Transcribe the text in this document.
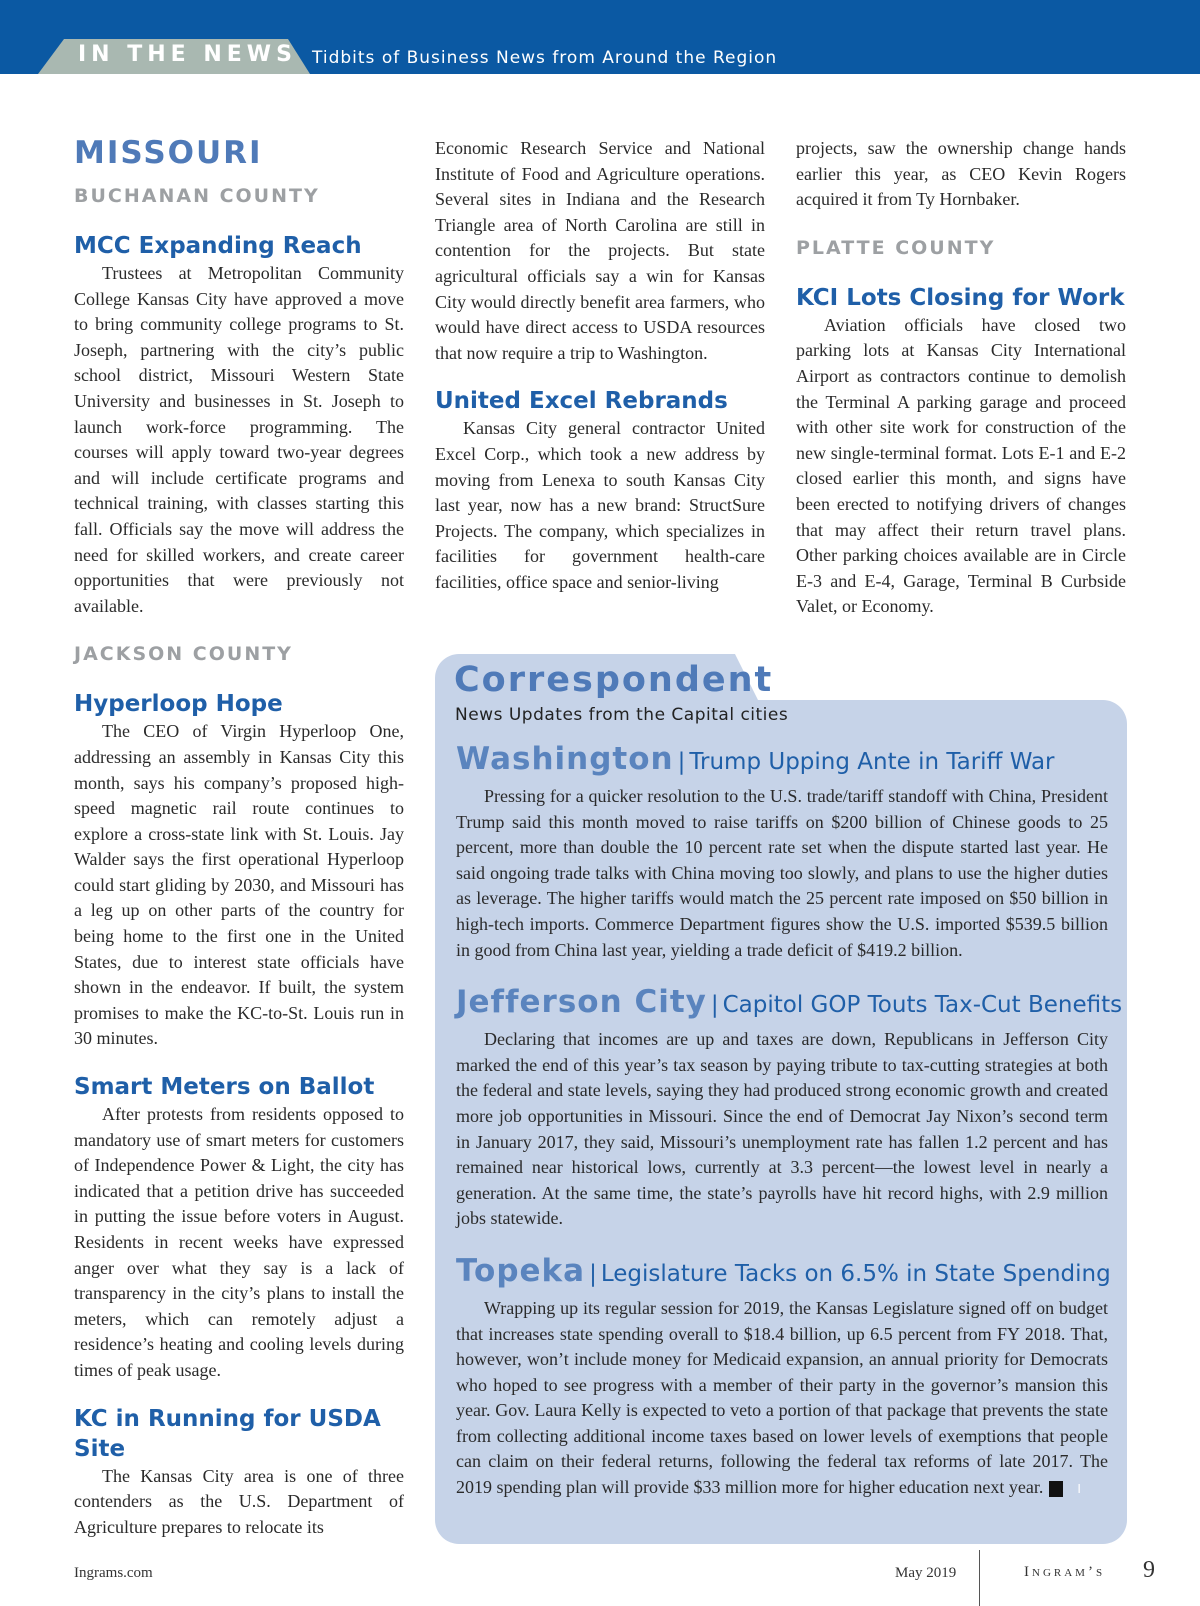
IN THE NEWS Tidbits of Business News from Around the Region
MISSOURI
BUCHANAN COUNTY
MCC Expanding Reach

Trustees at Metropolitan Community College Kansas City have approved a move to bring community college programs to St. Joseph, partnering with the city’s public school district, Missouri Western State University and businesses in St. Joseph to launch work-force programming. The courses will apply toward two-year degrees and will include certificate programs and technical training, with classes starting this fall. Officials say the move will address the need for skilled workers, and create career opportunities that were previously not available.

JACKSON COUNTY
Hyperloop Hope

The CEO of Virgin Hyperloop One, addressing an assembly in Kansas City this month, says his company’s proposed high-speed magnetic rail route continues to explore a cross-state link with St. Louis. Jay Walder says the first operational Hyperloop could start gliding by 2030, and Missouri has a leg up on other parts of the country for being home to the first one in the United States, due to interest state officials have shown in the endeavor. If built, the system promises to make the KC-to-St. Louis run in 30 minutes.

Smart Meters on Ballot

After protests from residents opposed to mandatory use of smart meters for customers of Independence Power & Light, the city has indicated that a petition drive has succeeded in putting the issue before voters in August. Residents in recent weeks have expressed anger over what they say is a lack of transparency in the city’s plans to install the meters, which can remotely adjust a residence’s heating and cooling levels during times of peak usage.

KC in Running for USDA Site

The Kansas City area is one of three contenders as the U.S. Department of Agriculture prepares to relocate its

Economic Research Service and National Institute of Food and Agriculture operations. Several sites in Indiana and the Research Triangle area of North Carolina are still in contention for the projects. But state agricultural officials say a win for Kansas City would directly benefit area farmers, who would have direct access to USDA resources that now require a trip to Washington.

United Excel Rebrands

Kansas City general contractor United Excel Corp., which took a new address by moving from Lenexa to south Kansas City last year, now has a new brand: StructSure Projects. The company, which specializes in facilities for government health-care facilities, office space and senior-living

projects, saw the ownership change hands earlier this year, as CEO Kevin Rogers acquired it from Ty Hornbaker.

PLATTE COUNTY
KCI Lots Closing for Work

Aviation officials have closed two parking lots at Kansas City International Airport as contractors continue to demolish the Terminal A parking garage and proceed with other site work for construction of the new single-terminal format. Lots E-1 and E-2 closed earlier this month, and signs have been erected to notifying drivers of changes that may affect their return travel plans. Other parking choices available are in Circle E-3 and E-4, Garage, Terminal B Curbside Valet, or Economy.

Correspondent
News Updates from the Capital cities

Washington | Trump Upping Ante in Tariff War

Pressing for a quicker resolution to the U.S. trade/tariff standoff with China, President Trump said this month moved to raise tariffs on $200 billion of Chinese goods to 25 percent, more than double the 10 percent rate set when the dispute started last year. He said ongoing trade talks with China moving too slowly, and plans to use the higher duties as leverage. The higher tariffs would match the 25 percent rate imposed on $50 billion in high-tech imports. Commerce Department figures show the U.S. imported $539.5 billion in good from China last year, yielding a trade deficit of $419.2 billion.

Jefferson City | Capitol GOP Touts Tax-Cut Benefits

Declaring that incomes are up and taxes are down, Republicans in Jefferson City marked the end of this year’s tax season by paying tribute to tax-cutting strategies at both the federal and state levels, saying they had produced strong economic growth and created more job opportunities in Missouri. Since the end of Democrat Jay Nixon’s second term in January 2017, they said, Missouri’s unemployment rate has fallen 1.2 percent and has remained near historical lows, currently at 3.3 percent—the lowest level in nearly a generation. At the same time, the state’s payrolls have hit record highs, with 2.9 million jobs statewide.

Topeka | Legislature Tacks on 6.5% in State Spending

Wrapping up its regular session for 2019, the Kansas Legislature signed off on budget that increases state spending overall to $18.4 billion, up 6.5 percent from FY 2018. That, however, won’t include money for Medicaid expansion, an annual priority for Democrats who hoped to see progress with a member of their party in the governor’s mansion this year. Gov. Laura Kelly is expected to veto a portion of that package that prevents the state from collecting additional income taxes based on lower levels of exemptions that people can claim on their federal returns, following the federal tax reforms of late 2017. The 2019 spending plan will provide $33 million more for higher education next year.	I

Ingrams.com	May 2019	Ingram’s 9
